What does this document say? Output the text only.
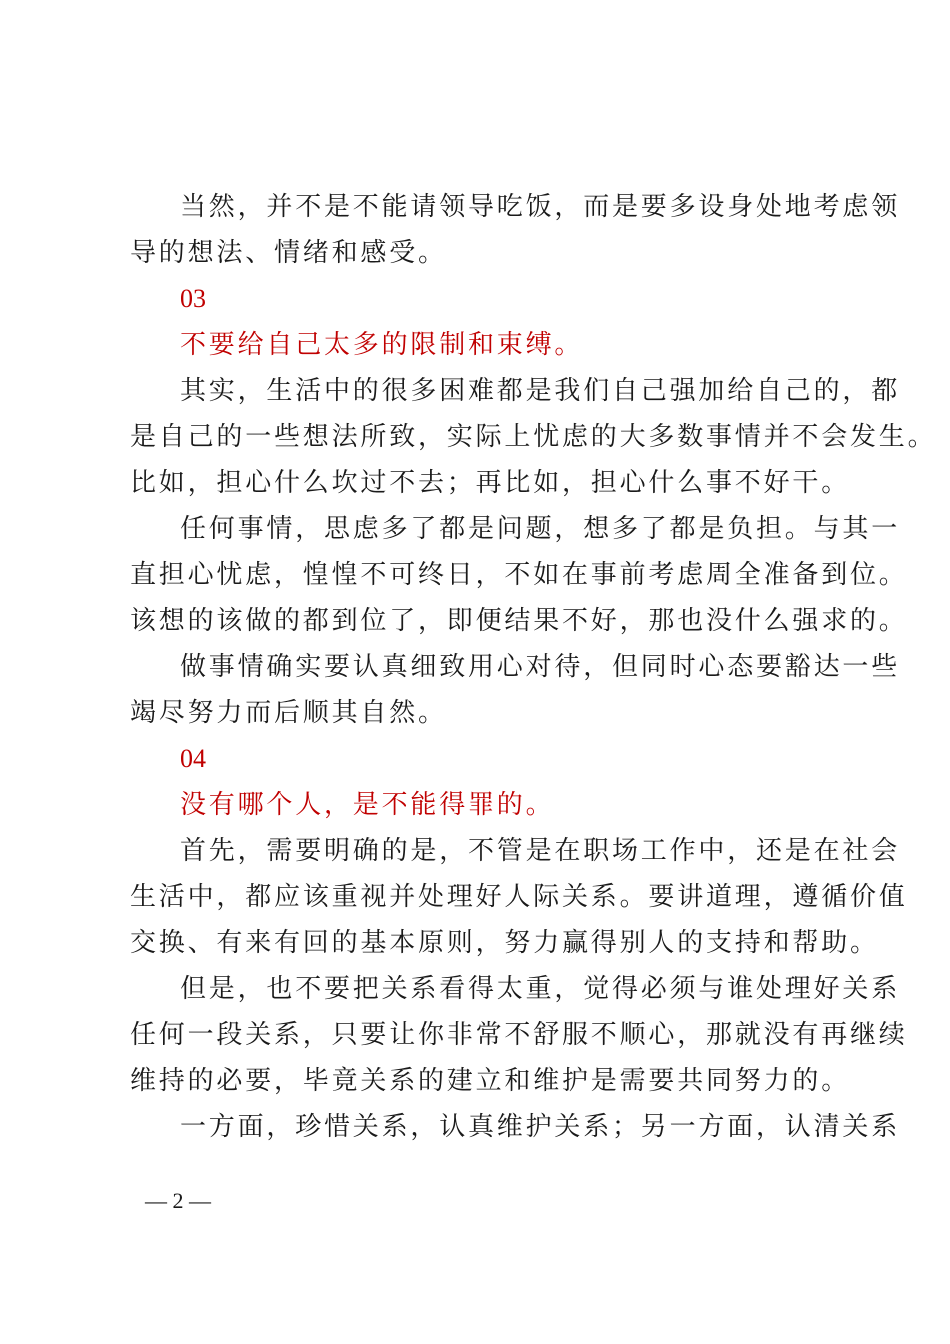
当然，并不是不能请领导吃饭，而是要多设身处地考虑领
导的想法、情绪和感受。
03
不要给自己太多的限制和束缚。
其实，生活中的很多困难都是我们自己强加给自己的，都
是自己的一些想法所致，实际上忧虑的大多数事情并不会发生。
比如，担心什么坎过不去；再比如，担心什么事不好干。
任何事情，思虑多了都是问题，想多了都是负担。与其一
直担心忧虑，惶惶不可终日，不如在事前考虑周全准备到位。
该想的该做的都到位了，即便结果不好，那也没什么强求的。
做事情确实要认真细致用心对待，但同时心态要豁达一些
竭尽努力而后顺其自然。
04
没有哪个人，是不能得罪的。
首先，需要明确的是，不管是在职场工作中，还是在社会
生活中，都应该重视并处理好人际关系。要讲道理，遵循价值
交换、有来有回的基本原则，努力赢得别人的支持和帮助。
但是，也不要把关系看得太重，觉得必须与谁处理好关系
任何一段关系，只要让你非常不舒服不顺心，那就没有再继续
维持的必要，毕竟关系的建立和维护是需要共同努力的。
一方面，珍惜关系，认真维护关系；另一方面，认清关系
— 2 —
